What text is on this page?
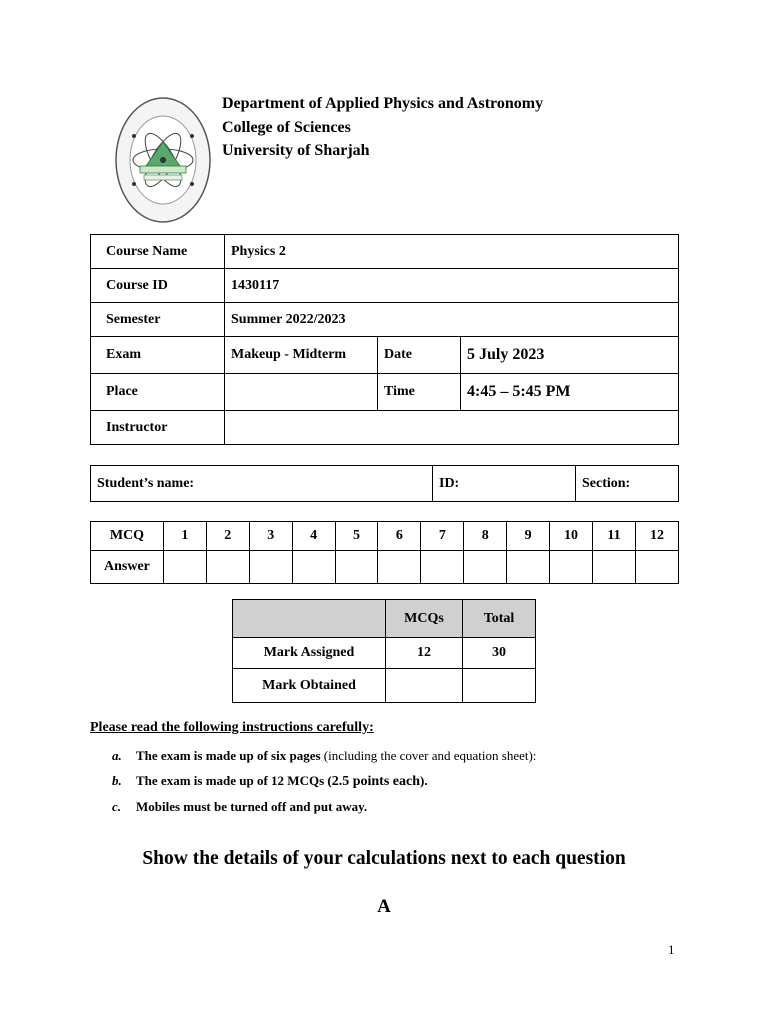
Department of Applied Physics and Astronomy
College of Sciences
University of Sharjah
Course Name	Physics 2		
Course ID	1430117		
Semester	Summer 2022/2023		
Exam	Makeup - Midterm	Date	5 July 2023
Place		Time	4:45 – 5:45 PM
Instructor			
Student’s name:	ID:	Section:
MCQ	1	2	3	4	5	6	7	8	9	10	11	12
Answer												
	MCQs	Total
Mark Assigned	12	30
Mark Obtained		
Please read the following instructions carefully:
a. The exam is made up of six pages (including the cover and equation sheet):
b. The exam is made up of 12 MCQs (2.5 points each).
c. Mobiles must be turned off and put away.
Show the details of your calculations next to each question
A
1
